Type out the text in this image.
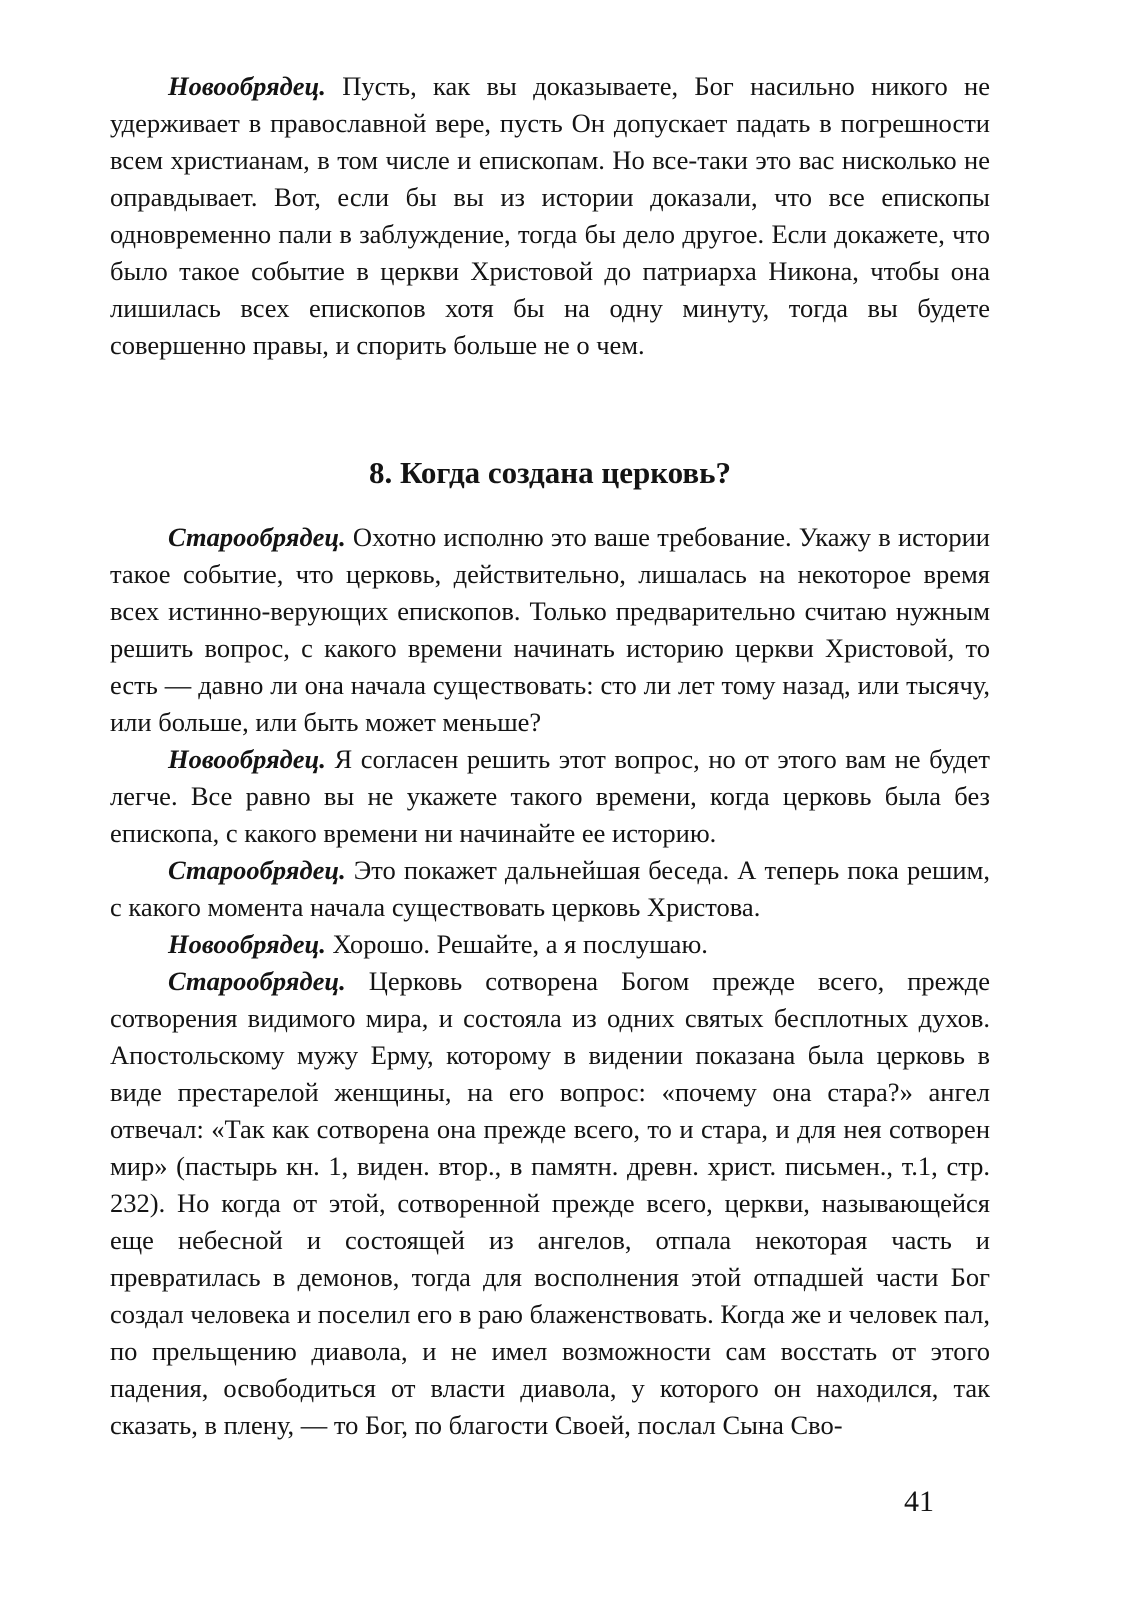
Новообрядец. Пусть, как вы доказываете, Бог насильно никого не удерживает в православной вере, пусть Он допускает падать в погрешности всем христианам, в том числе и епископам. Но все-таки это вас нисколько не оправдывает. Вот, если бы вы из истории доказали, что все епископы одновременно пали в заблуждение, тогда бы дело другое. Если докажете, что было такое событие в церкви Христовой до патриарха Никона, чтобы она лишилась всех епископов хотя бы на одну минуту, тогда вы будете совершенно правы, и спорить больше не о чем.

8. Когда создана церковь?

Старообрядец. Охотно исполню это ваше требование. Укажу в истории такое событие, что церковь, действительно, лишалась на некоторое время всех истинно-верующих епископов. Только предварительно считаю нужным решить вопрос, с какого времени начинать историю церкви Христовой, то есть — давно ли она начала существовать: сто ли лет тому назад, или тысячу, или больше, или быть может меньше?

Новообрядец. Я согласен решить этот вопрос, но от этого вам не будет легче. Все равно вы не укажете такого времени, когда церковь была без епископа, с какого времени ни начинайте ее историю.

Старообрядец. Это покажет дальнейшая беседа. А теперь пока решим, с какого момента начала существовать церковь Христова.

Новообрядец. Хорошо. Решайте, а я послушаю.

Старообрядец. Церковь сотворена Богом прежде всего, прежде сотворения видимого мира, и состояла из одних святых бесплотных духов. Апостольскому мужу Ерму, которому в видении показана была церковь в виде престарелой женщины, на его вопрос: «почему она стара?» ангел отвечал: «Так как сотворена она прежде всего, то и стара, и для нея сотворен мир» (пастырь кн. 1, виден. втор., в памятн. древн. христ. письмен., т.1, стр. 232). Но когда от этой, сотворенной прежде всего, церкви, называющейся еще небесной и состоящей из ангелов, отпала некоторая часть и превратилась в демонов, тогда для восполнения этой отпадшей части Бог создал человека и поселил его в раю блаженствовать. Когда же и человек пал, по прельщению диавола, и не имел возможности сам восстать от этого падения, освободиться от власти диавола, у которого он находился, так сказать, в плену, — то Бог, по благости Своей, послал Сына Сво-

41
